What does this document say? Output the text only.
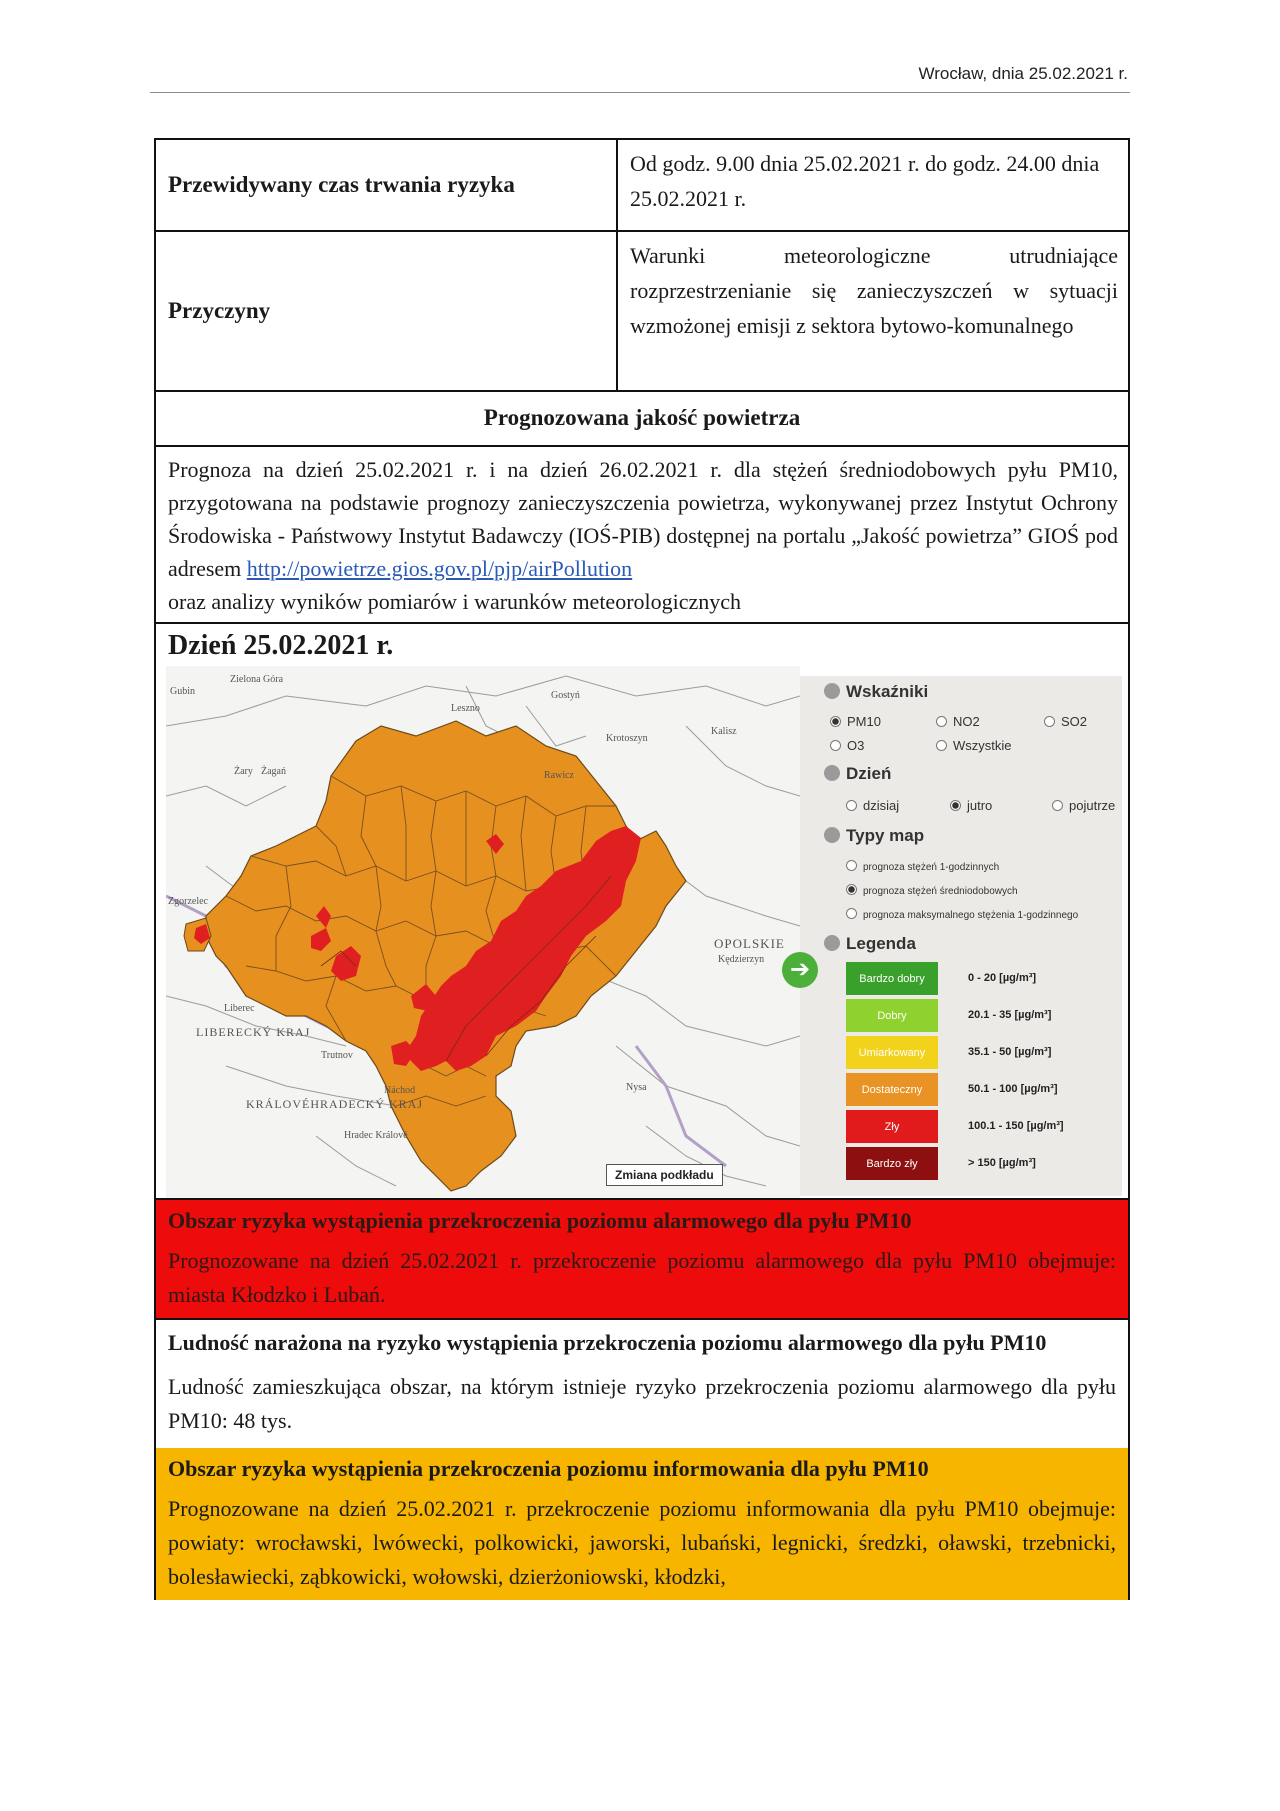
Wrocław, dnia 25.02.2021 r.
Przewidywany czas trwania ryzyka
Od godz. 9.00 dnia 25.02.2021 r. do godz. 24.00 dnia 25.02.2021 r.
Przyczyny
Warunki meteorologiczne utrudniające rozprzestrzenianie się zanieczyszczeń w sytuacji wzmożonej emisji z sektora bytowo-komunalnego
Prognozowana jakość powietrza
Prognoza na dzień 25.02.2021 r. i na dzień 26.02.2021 r. dla stężeń średniodobowych pyłu PM10, przygotowana na podstawie prognozy zanieczyszczenia powietrza, wykonywanej przez Instytut Ochrony Środowiska - Państwowy Instytut Badawczy (IOŚ-PIB) dostępnej na portalu „Jakość powietrza” GIOŚ pod adresem http://powietrze.gios.gov.pl/pjp/airPollution
oraz analizy wyników pomiarów i warunków meteorologicznych
Dzień 25.02.2021 r.
Zielona Góra
Gubin
Leszno
Gostyń
Krotoszyn
Kalisz
Żary Żagań	Rawicz
Zgorzelec
OPOLSKIE
Kędzierzyn
Liberec
LIBERECKÝ KRAJ
Trutnov
Náchod
KRÁLOVÉHRADECKÝ KRAJ
Hradec Králové
Nysa
Zmiana podkładu
➔
Wskaźniki
PM10	NO2	SO2
O3	Wszystkie
Dzień
dzisiaj	jutro	pojutrze
Typy map
prognoza stężeń 1-godzinnych
prognoza stężeń średniodobowych
prognoza maksymalnego stężenia 1-godzinnego
Legenda
Bardzo dobry	0 - 20 [µg/m³]
Dobry	20.1 - 35 [µg/m³]
Umiarkowany	35.1 - 50 [µg/m³]
Dostateczny	50.1 - 100 [µg/m³]
Zły	100.1 - 150 [µg/m³]
Bardzo zły	> 150 [µg/m³]
Obszar ryzyka wystąpienia przekroczenia poziomu alarmowego dla pyłu PM10
Prognozowane na dzień 25.02.2021 r. przekroczenie poziomu alarmowego dla pyłu PM10 obejmuje: miasta Kłodzko i Lubań.
Ludność narażona na ryzyko wystąpienia przekroczenia poziomu alarmowego dla pyłu PM10
Ludność zamieszkująca obszar, na którym istnieje ryzyko przekroczenia poziomu alarmowego dla pyłu PM10: 48 tys.
Obszar ryzyka wystąpienia przekroczenia poziomu informowania dla pyłu PM10
Prognozowane na dzień 25.02.2021 r. przekroczenie poziomu informowania dla pyłu PM10 obejmuje: powiaty: wrocławski, lwówecki, polkowicki, jaworski, lubański, legnicki, średzki, oławski, trzebnicki, bolesławiecki, ząbkowicki, wołowski, dzierżoniowski, kłodzki,
